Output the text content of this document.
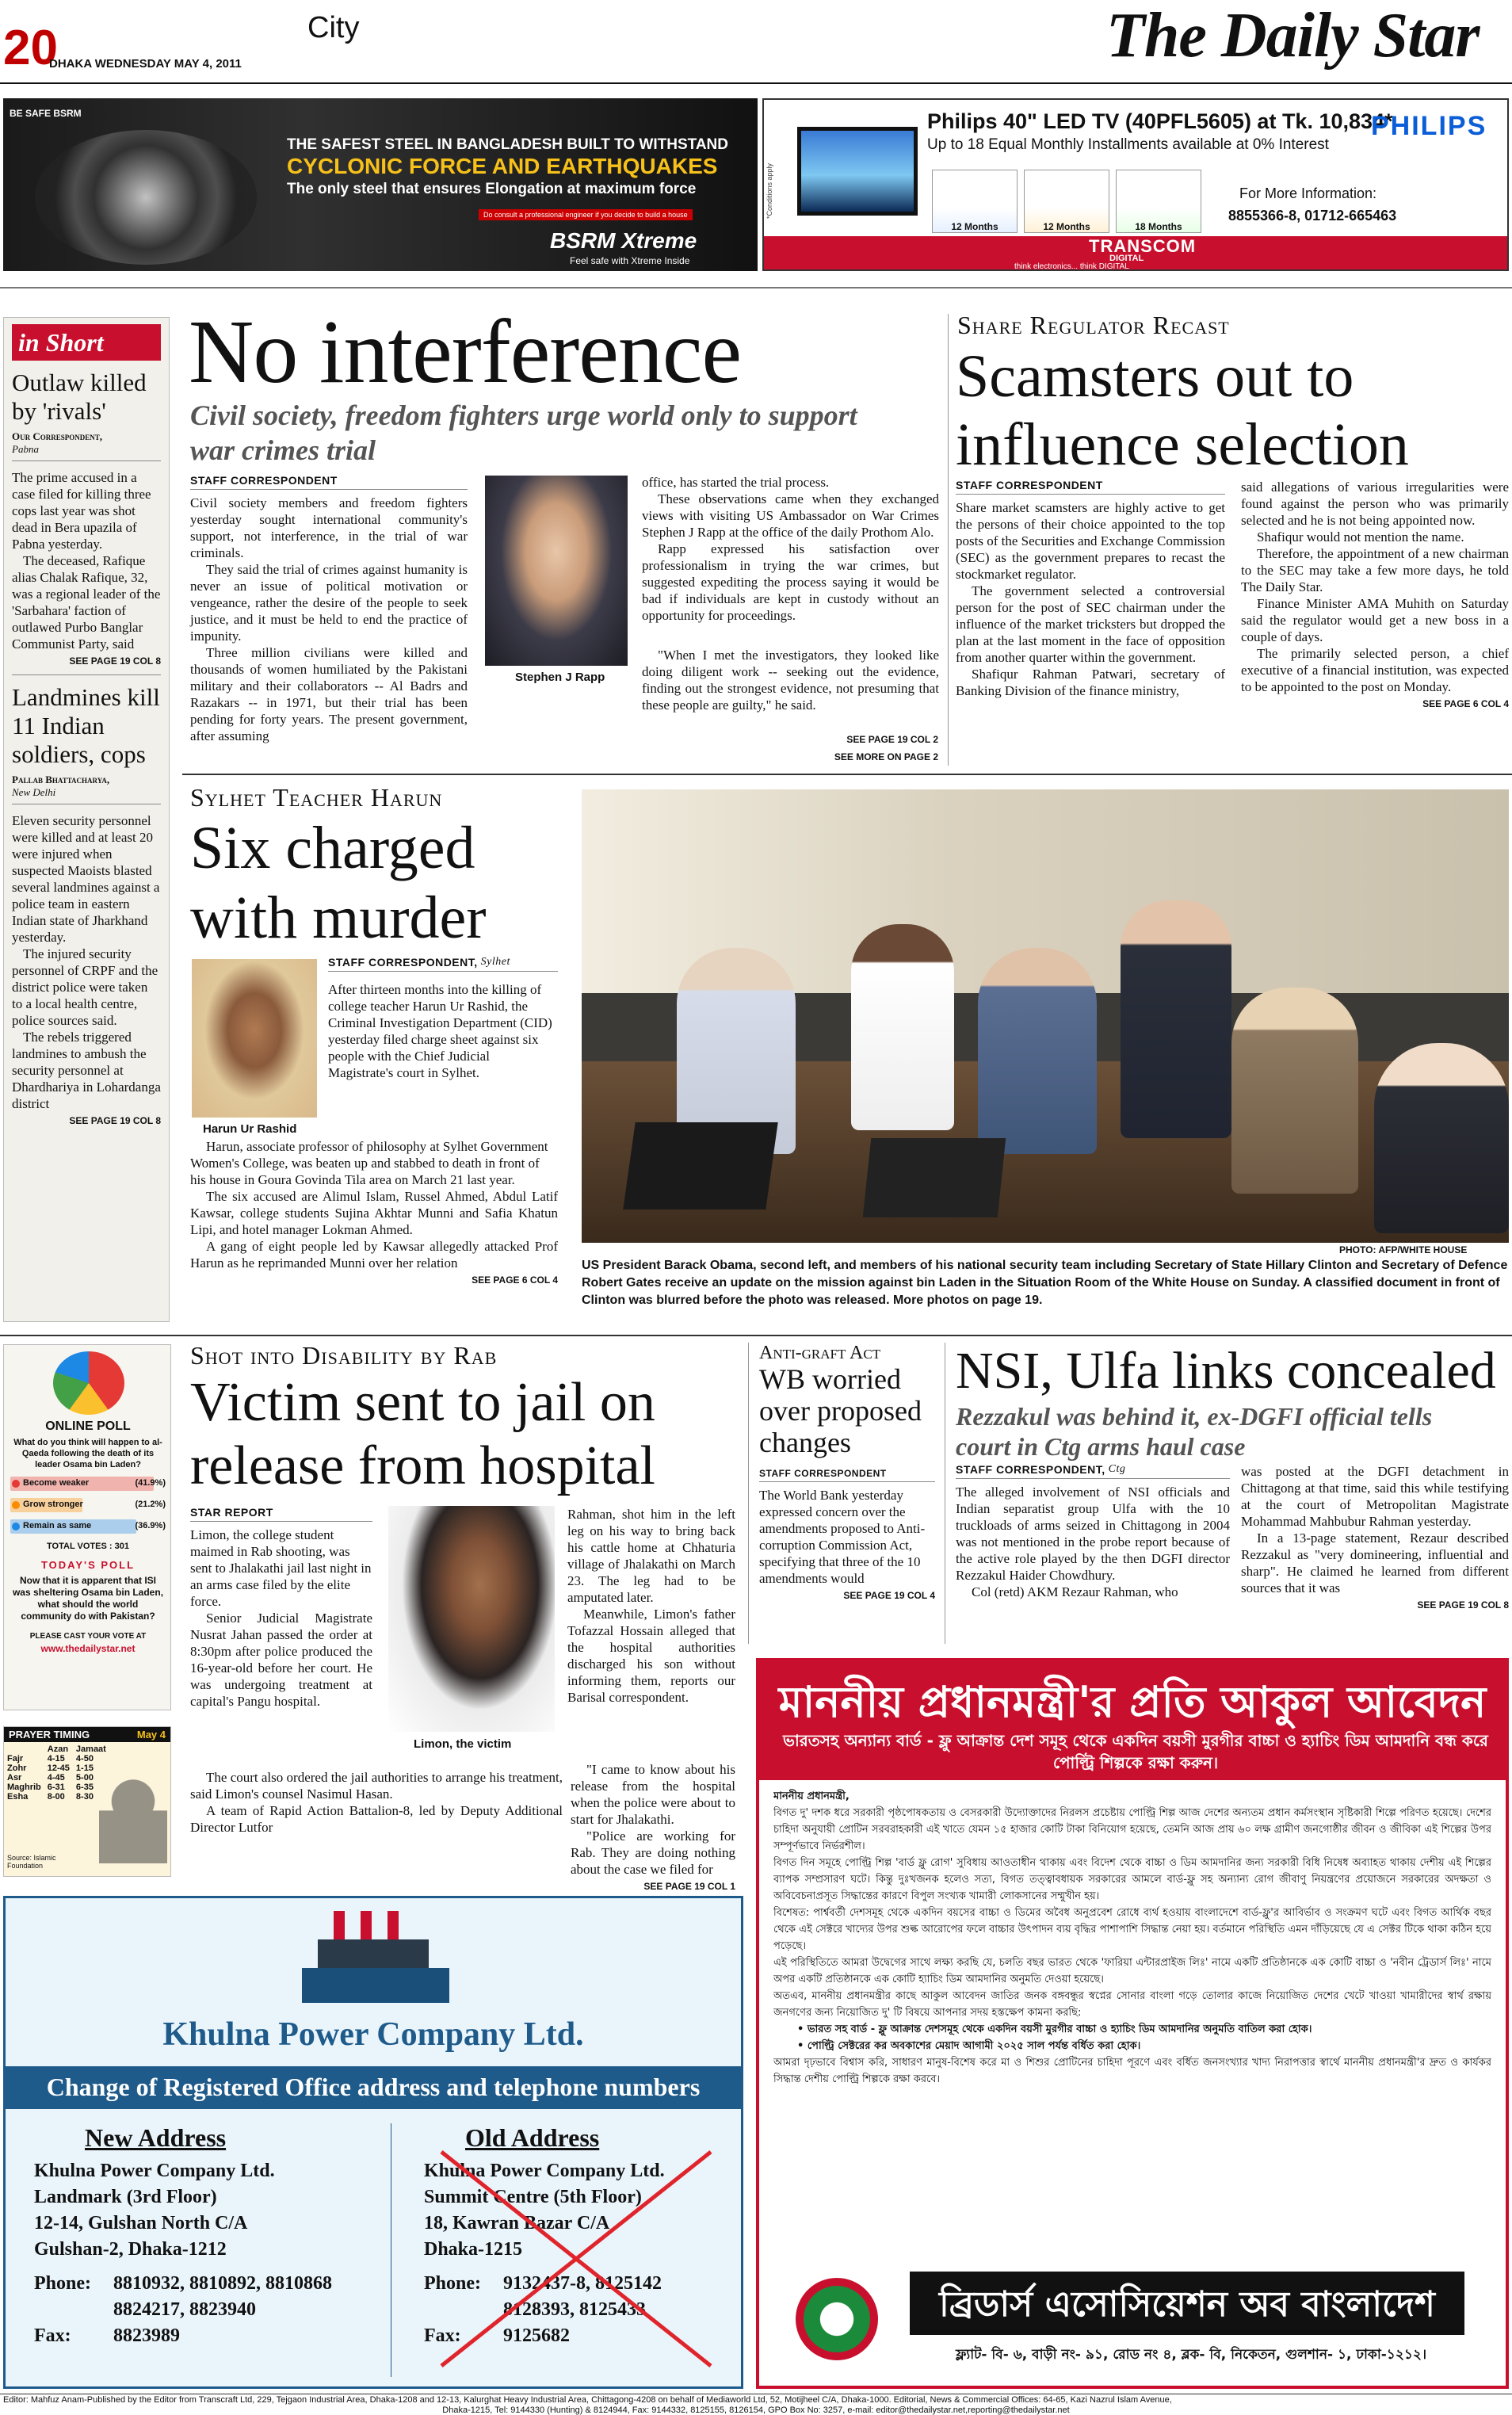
20	City
DHAKA WEDNESDAY MAY 4, 2011	The Daily Star
BE SAFE BSRM
THE SAFEST STEEL IN BANGLADESH BUILT TO WITHSTAND
CYCLONIC FORCE AND EARTHQUAKES
The only steel that ensures Elongation at maximum force
Do consult a professional engineer if you decide to build a house
BSRM Xtreme
Feel safe with Xtreme Inside
*Conditions apply
Philips 40" LED TV (40PFL5605) at Tk. 10,834*
Up to 18 Equal Monthly Installments available at 0% Interest
PHILIPS
12 Months	12 Months	18 Months
For More Information:
8855366-8, 01712-665463
TRANSCOM
DIGITAL
think electronics... think DIGITAL
in Short
Outlaw killed by 'rivals'
Our Correspondent,
Pabna

The prime accused in a case filed for killing three cops last year was shot dead in Bera upazila of Pabna yesterday.

The deceased, Rafique alias Chalak Rafique, 32, was a regional leader of the 'Sarbahara' faction of outlawed Purbo Banglar Communist Party, said

SEE PAGE 19 COL 8
Landmines kill 11 Indian soldiers, cops
Pallab Bhattacharya,
New Delhi

Eleven security personnel were killed and at least 20 were injured when suspected Maoists blasted several landmines against a police team in eastern Indian state of Jharkhand yesterday.

The injured security personnel of CRPF and the district police were taken to a local health centre, police sources said.

The rebels triggered landmines to ambush the security personnel at Dhardhariya in Lohardanga district

SEE PAGE 19 COL 8
No interference
Civil society, freedom fighters urge world only to support war crimes trial
STAFF CORRESPONDENT

Civil society members and freedom fighters yesterday sought international community's support, not interference, in the trial of war criminals.

They said the trial of crimes against humanity is never an issue of political motivation or vengeance, rather the desire of the people to seek justice, and it must be held to end the practice of impunity.

Three million civilians were killed and thousands of women humiliated by the Pakistani military and their collaborators -- Al Badrs and Razakars -- in 1971, but their trial has been pending for forty years. The present government, after assuming

Stephen J Rapp

office, has started the trial process.

These observations came when they exchanged views with visiting US Ambassador on War Crimes Stephen J Rapp at the office of the daily Prothom Alo.

Rapp expressed his satisfaction over professionalism in trying the war crimes, but suggested expediting the process saying it would be bad if individuals are kept in custody without an opportunity for proceedings.

"When I met the investigators, they looked like doing diligent work -- seeking out the evidence, finding out the strongest evidence, not presuming that these people are guilty," he said.

SEE PAGE 19 COL 2
SEE MORE ON PAGE 2
Share Regulator Recast
Scamsters out to influence selection
STAFF CORRESPONDENT

Share market scamsters are highly active to get the persons of their choice appointed to the top posts of the Securities and Exchange Commission (SEC) as the government prepares to recast the stockmarket regulator.

The government selected a controversial person for the post of SEC chairman under the influence of the market tricksters but dropped the plan at the last moment in the face of opposition from another quarter within the government.

Shafiqur Rahman Patwari, secretary of Banking Division of the finance ministry,

said allegations of various irregularities were found against the person who was primarily selected and he is not being appointed now.

Shafiqur would not mention the name.

Therefore, the appointment of a new chairman to the SEC may take a few more days, he told The Daily Star.

Finance Minister AMA Muhith on Saturday said the regulator would get a new boss in a couple of days.

The primarily selected person, a chief executive of a financial institution, was expected to be appointed to the post on Monday.

SEE PAGE 6 COL 4
Sylhet Teacher Harun
Six charged with murder
Harun Ur Rashid
STAFF CORRESPONDENT, Sylhet

After thirteen months into the killing of college teacher Harun Ur Rashid, the Criminal Investigation Department (CID) yesterday filed charge sheet against six people with the Chief Judicial Magistrate's court in Sylhet.

Harun, associate professor of philosophy at Sylhet Government Women's College, was beaten up and stabbed to death in front of his house in Goura Govinda Tila area on March 21 last year.

The six accused are Alimul Islam, Russel Ahmed, Abdul Latif Kawsar, college students Sujina Akhtar Munni and Safia Khatun Lipi, and hotel manager Lokman Ahmed.

A gang of eight people led by Kawsar allegedly attacked Prof Harun as he reprimanded Munni over her relation

SEE PAGE 6 COL 4
PHOTO: AFP/WHITE HOUSE
US President Barack Obama, second left, and members of his national security team including Secretary of State Hillary Clinton and Secretary of Defence Robert Gates receive an update on the mission against bin Laden in the Situation Room of the White House on Sunday. A classified document in front of Clinton was blurred before the photo was released. More photos on page 19.
ONLINE POLL
What do you think will happen to al-Qaeda following the death of its leader Osama bin Laden?
Become weaker	(41.9%)
Grow stronger	(21.2%)
Remain as same	(36.9%)
TOTAL VOTES : 301
TODAY'S POLL
Now that it is apparent that ISI was sheltering Osama bin Laden, what should the world community do with Pakistan?
PLEASE CAST YOUR VOTE AT
www.thedailystar.net
PRAYER TIMING	May 4
	Azan	Jamaat
Fajr	4-15	4-50
Zohr	12-45	1-15
Asr	4-45	5-00
Maghrib	6-31	6-35
Esha	8-00	8-30
Source: Islamic Foundation
Shot into Disability by Rab
Victim sent to jail on release from hospital
STAR REPORT

Limon, the college student maimed in Rab shooting, was sent to Jhalakathi jail last night in an arms case filed by the elite force.

Senior Judicial Magistrate Nusrat Jahan passed the order at 8:30pm after police produced the 16-year-old before her court. He was undergoing treatment at capital's Pangu hospital.

Limon, the victim

Rahman, shot him in the left leg on his way to bring back his cattle home at Chhaturia village of Jhalakathi on March 23. The leg had to be amputated later.

Meanwhile, Limon's father Tofazzal Hossain alleged that the hospital authorities discharged his son without informing them, reports our Barisal correspondent.

The court also ordered the jail authorities to arrange his treatment, said Limon's counsel Nasimul Hasan.

A team of Rapid Action Battalion-8, led by Deputy Additional Director Lutfor

"I came to know about his release from the hospital when the police were about to start for Jhalakathi.

"Police are working for Rab. They are doing nothing about the case we filed for

SEE PAGE 19 COL 1
Anti-graft Act
WB worried over proposed changes
STAFF CORRESPONDENT

The World Bank yesterday expressed concern over the amendments proposed to Anti-corruption Commission Act, specifying that three of the 10 amendments would

SEE PAGE 19 COL 4
NSI, Ulfa links concealed
Rezzakul was behind it, ex-DGFI official tells court in Ctg arms haul case
STAFF CORRESPONDENT, Ctg

The alleged involvement of NSI officials and Indian separatist group Ulfa with the 10 truckloads of arms seized in Chittagong in 2004 was not mentioned in the probe report because of the active role played by the then DGFI director Rezzakul Haider Chowdhury.

Col (retd) AKM Rezaur Rahman, who

was posted at the DGFI detachment in Chittagong at that time, said this while testifying at the court of Metropolitan Magistrate Mohammad Mahbubur Rahman yesterday.

In a 13-page statement, Rezaur described Rezzakul as "very domineering, influential and sharp". He claimed he learned from different sources that it was

SEE PAGE 19 COL 8
মাননীয় প্রধানমন্ত্রী'র প্রতি আকুল আবেদন
ভারতসহ অন্যান্য বার্ড - ফ্লু আক্রান্ত দেশ সমূহ থেকে একদিন বয়সী মুরগীর বাচ্চা ও হ্যাচিং ডিম আমদানি বন্ধ করে পোল্ট্রি শিল্পকে রক্ষা করুন।
মাননীয় প্রধানমন্ত্রী,

বিগত দু' দশক ধরে সরকারী পৃষ্ঠপোষকতায় ও বেসরকারী উদ্যোক্তাদের নিরলস প্রচেষ্টায় পোল্ট্রি শিল্প আজ দেশের অন্যতম প্রধান কর্মসংস্থান সৃষ্টিকারী শিল্পে পরিণত হয়েছে। দেশের চাহিদা অনুযায়ী প্রোটিন সরবরাহকারী এই খাতে যেমন ১৫ হাজার কোটি টাকা বিনিয়োগ হয়েছে, তেমনি আজ প্রায় ৬০ লক্ষ গ্রামীণ জনগোষ্ঠীর জীবন ও জীবিকা এই শিল্পের উপর সম্পূর্ণভাবে নির্ভরশীল।

বিগত দিন সমূহে পোল্ট্রি শিল্প 'বার্ড ফ্লু রোগ' সুবিধায় আওতাধীন থাকায় এবং বিদেশ থেকে বাচ্চা ও ডিম আমদানির জন্য সরকারী বিধি নিষেধ অব্যাহত থাকায় দেশীয় এই শিল্পের ব্যাপক সম্প্রসারণ ঘটে। কিন্তু দুঃখজনক হলেও সত্য, বিগত তত্ত্বাবধায়ক সরকারের আমলে বার্ড-ফ্লু সহ অন্যান্য রোগ জীবাণু নিয়ন্ত্রণের প্রয়োজনে সরকারের অদক্ষতা ও অবিবেচনাপ্রসূত সিদ্ধান্তের কারণে বিপুল সংখ্যক খামারী লোকসানের সম্মুখীন হয়।

বিশেষত: পার্শ্ববর্তী দেশসমূহ থেকে একদিন বয়সের বাচ্চা ও ডিমের অবৈধ অনুপ্রবেশ রোধে ব্যর্থ হওয়ায় বাংলাদেশে বার্ড-ফ্লু'র আবির্ভাব ও সংক্রমণ ঘটে এবং বিগত আর্থিক বছর থেকে এই সেক্টরে খাদ্যের উপর শুল্ক আরোপের ফলে বাচ্চার উৎপাদন ব্যয় বৃদ্ধির পাশাপাশি সিদ্ধান্ত নেয়া হয়। বর্তমানে পরিস্থিতি এমন দাঁড়িয়েছে যে এ সেক্টর টিকে থাকা কঠিন হয়ে পড়েছে।

এই পরিস্থিতিতে আমরা উদ্বেগের সাথে লক্ষ্য করছি যে, চলতি বছর ভারত থেকে 'ফারিয়া এন্টারপ্রাইজ লিঃ' নামে একটি প্রতিষ্ঠানকে এক কোটি বাচ্চা ও 'নবীন ট্রেডার্স লিঃ' নামে অপর একটি প্রতিষ্ঠানকে এক কোটি হ্যাচিং ডিম আমদানির অনুমতি দেওয়া হয়েছে।

অতএব, মাননীয় প্রধানমন্ত্রীর কাছে আকুল আবেদন জাতির জনক বঙ্গবন্ধুর স্বপ্নের সোনার বাংলা গড়ে তোলার কাজে নিয়োজিত দেশের খেটে খাওয়া খামারীদের স্বার্থ রক্ষায় জনগণের জন্য নিয়োজিত দু' টি বিষয়ে আপনার সদয় হস্তক্ষেপ কামনা করছি:

• ভারত সহ বার্ড - ফ্লু আক্রান্ত দেশসমূহ থেকে একদিন বয়সী মুরগীর বাচ্চা ও হ্যাচিং ডিম আমদানির অনুমতি বাতিল করা হোক।
• পোল্ট্রি সেক্টরের কর অবকাশের মেয়াদ আগামী ২০২৫ সাল পর্যন্ত বর্ধিত করা হোক।

আমরা দৃঢ়ভাবে বিশ্বাস করি, সাধারণ মানুষ-বিশেষ করে মা ও শিশুর প্রোটিনের চাহিদা পূরণে এবং বর্ধিত জনসংখ্যার খাদ্য নিরাপত্তার স্বার্থে মাননীয় প্রধানমন্ত্রী'র দ্রুত ও কার্যকর সিদ্ধান্ত দেশীয় পোল্ট্রি শিল্পকে রক্ষা করবে।

ব্রিডার্স এসোসিয়েশন অব বাংলাদেশ
ফ্ল্যাট- বি- ৬, বাড়ী নং- ৯১, রোড নং ৪, ব্লক- বি, নিকেতন, গুলশান- ১, ঢাকা-১২১২।
Khulna Power Company Ltd.
Change of Registered Office address and telephone numbers
New Address
Khulna Power Company Ltd.
Landmark (3rd Floor)
12-14, Gulshan North C/A
Gulshan-2, Dhaka-1212
Phone:	8810932, 8810892, 8810868
8824217, 8823940
Fax:	8823989
Old Address
Khulna Power Company Ltd.
Summit Centre (5th Floor)
18, Kawran Bazar C/A
Dhaka-1215
Phone:	9132437-8, 8125142
8128393, 8125433
Fax:	9125682
Editor: Mahfuz Anam-Published by the Editor from Transcraft Ltd, 229, Tejgaon Industrial Area, Dhaka-1208 and 12-13, Kalurghat Heavy Industrial Area, Chittagong-4208 on behalf of Mediaworld Ltd, 52, Motijheel C/A, Dhaka-1000. Editorial, News & Commercial Offices: 64-65, Kazi Nazrul Islam Avenue,
Dhaka-1215, Tel: 9144330 (Hunting) & 8124944, Fax: 9144332, 8125155, 8126154, GPO Box No: 3257, e-mail: editor@thedailystar.net,reporting@thedailystar.net
